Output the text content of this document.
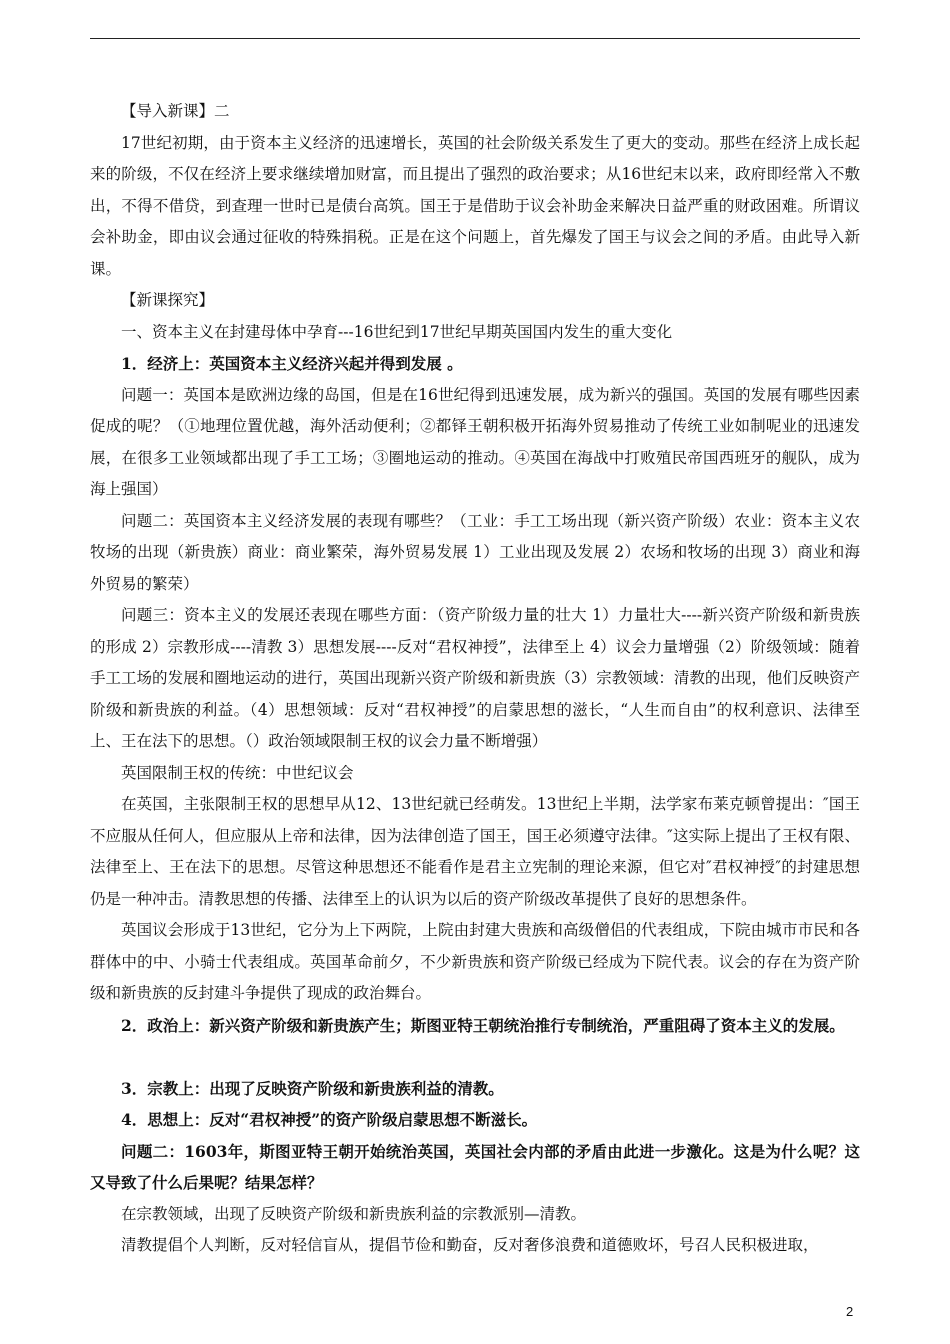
【导入新课】二

17世纪初期，由于资本主义经济的迅速增长，英国的社会阶级关系发生了更大的变动。那些在经济上成长起来的阶级，不仅在经济上要求继续增加财富，而且提出了强烈的政治要求；从16世纪末以来，政府即经常入不敷出，不得不借贷，到查理一世时已是债台高筑。国王于是借助于议会补助金来解决日益严重的财政困难。所谓议会补助金，即由议会通过征收的特殊捐税。正是在这个问题上，首先爆发了国王与议会之间的矛盾。由此导入新课。

【新课探究】

一、资本主义在封建母体中孕育---16世纪到17世纪早期英国国内发生的重大变化

1．经济上：英国资本主义经济兴起并得到发展 。

问题一：英国本是欧洲边缘的岛国，但是在16世纪得到迅速发展，成为新兴的强国。英国的发展有哪些因素促成的呢？（①地理位置优越，海外活动便利；②都铎王朝积极开拓海外贸易推动了传统工业如制呢业的迅速发展，在很多工业领域都出现了手工工场；③圈地运动的推动。④英国在海战中打败殖民帝国西班牙的舰队，成为海上强国）

问题二：英国资本主义经济发展的表现有哪些？（工业：手工工场出现（新兴资产阶级）农业：资本主义农牧场的出现（新贵族）商业：商业繁荣，海外贸易发展 1）工业出现及发展 2）农场和牧场的出现 3）商业和海外贸易的繁荣）

问题三：资本主义的发展还表现在哪些方面：（资产阶级力量的壮大 1）力量壮大----新兴资产阶级和新贵族的形成 2）宗教形成----清教 3）思想发展----反对“君权神授”，法律至上 4）议会力量增强（2）阶级领域：随着手工工场的发展和圈地运动的进行，英国出现新兴资产阶级和新贵族（3）宗教领域：清教的出现，他们反映资产阶级和新贵族的利益。（4）思想领域：反对“君权神授”的启蒙思想的滋长，“人生而自由”的权利意识、法律至上、王在法下的思想。（）政治领域限制王权的议会力量不断增强）

英国限制王权的传统：中世纪议会

在英国，主张限制王权的思想早从12、13世纪就已经萌发。13世纪上半期，法学家布莱克顿曾提出：″国王不应服从任何人，但应服从上帝和法律，因为法律创造了国王，国王必须遵守法律。″这实际上提出了王权有限、法律至上、王在法下的思想。尽管这种思想还不能看作是君主立宪制的理论来源，但它对″君权神授″的封建思想仍是一种冲击。清教思想的传播、法律至上的认识为以后的资产阶级改革提供了良好的思想条件。

英国议会形成于13世纪，它分为上下两院，上院由封建大贵族和高级僧侣的代表组成，下院由城市市民和各群体中的中、小骑士代表组成。英国革命前夕，不少新贵族和资产阶级已经成为下院代表。议会的存在为资产阶级和新贵族的反封建斗争提供了现成的政治舞台。

2．政治上：新兴资产阶级和新贵族产生；斯图亚特王朝统治推行专制统治，严重阻碍了资本主义的发展。

3．宗教上：出现了反映资产阶级和新贵族利益的清教。

4．思想上：反对“君权神授”的资产阶级启蒙思想不断滋长。

问题二：1603年，斯图亚特王朝开始统治英国，英国社会内部的矛盾由此进一步激化。这是为什么呢？这又导致了什么后果呢？结果怎样？

在宗教领域，出现了反映资产阶级和新贵族利益的宗教派别—清教。

清教提倡个人判断，反对轻信盲从，提倡节俭和勤奋，反对奢侈浪费和道德败坏，号召人民积极进取，

2
